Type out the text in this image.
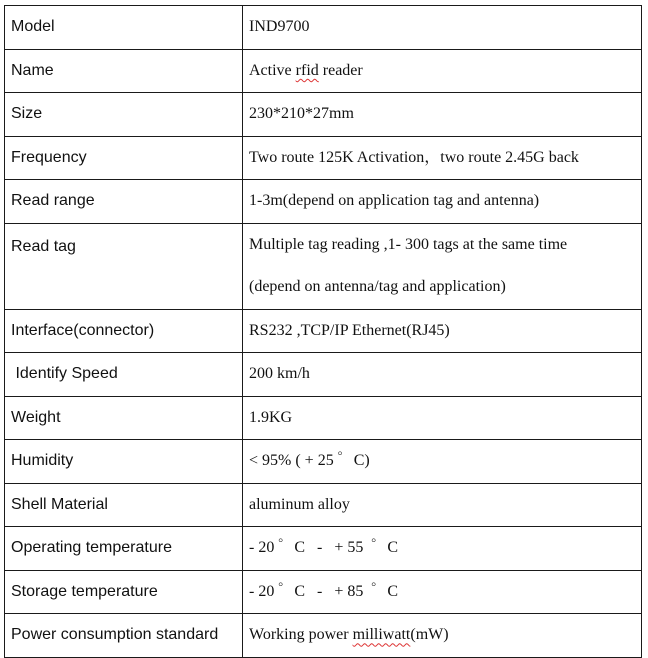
Model	IND9700
Name	Active rfid reader
Size	230*210*27mm
Frequency	Two route 125K Activation，two route 2.45G back
Read range	1-3m(depend on application tag and antenna)
Read tag	Multiple tag reading ,1- 300 tags at the same time
(depend on antenna/tag and application)

Interface(connector)	RS232 ,TCP/IP Ethernet(RJ45)
Identify Speed	200 km/h
Weight	1.9KG
Humidity	< 95% ( + 25 ゜C)
Shell Material	aluminum alloy
Operating temperature	- 20 ゜C   -   + 55  ゜C
Storage temperature	- 20 ゜C   -   + 85  ゜C
Power consumption standard	Working power milliwatt(mW)
